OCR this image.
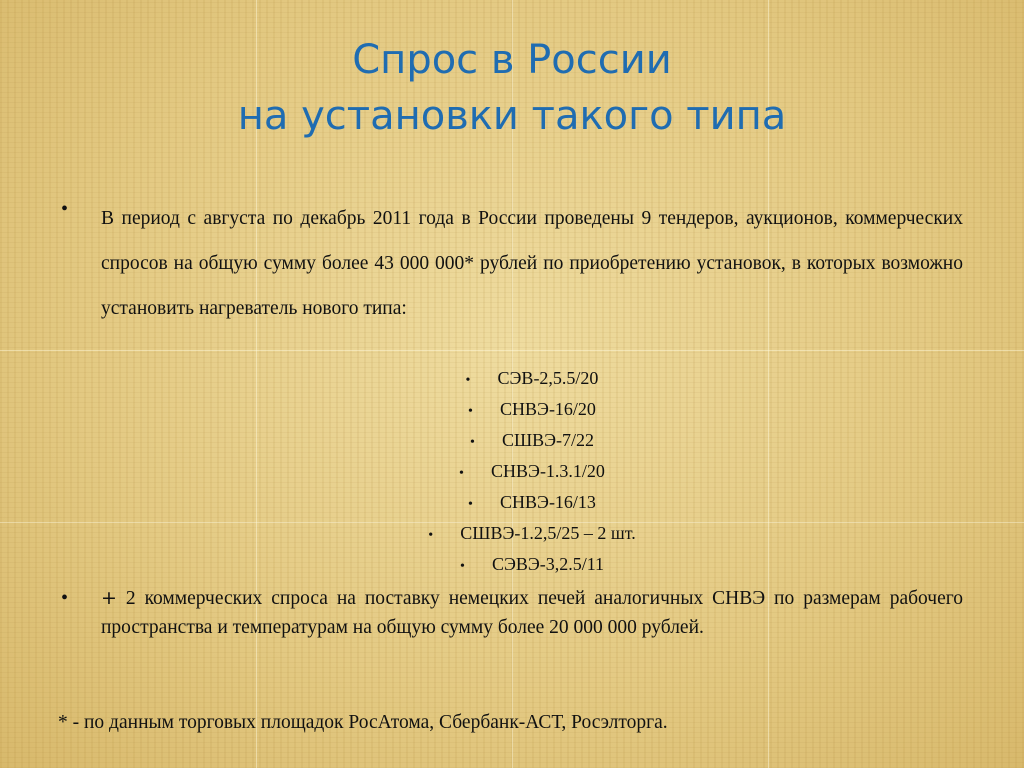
Спрос в России
на установки такого типа
• В период с августа по декабрь 2011 года в России проведены 9 тендеров, аукционов, коммерческих спросов на общую сумму более 43 000 000* рублей по приобретению установок, в которых возможно установить нагреватель нового типа:

• СЭВ-2,5.5/20
• СНВЭ-16/20
• СШВЭ-7/22
• СНВЭ-1.3.1/20
• СНВЭ-16/13
• СШВЭ-1.2,5/25 – 2 шт.
• СЭВЭ-3,2.5/11
• + 2 коммерческих спроса на поставку немецких печей аналогичных СНВЭ по размерам рабочего пространства и температурам на общую сумму более 20 000 000 рублей.

* - по данным торговых площадок РосАтома, Сбербанк-АСТ, Росэлторга.
